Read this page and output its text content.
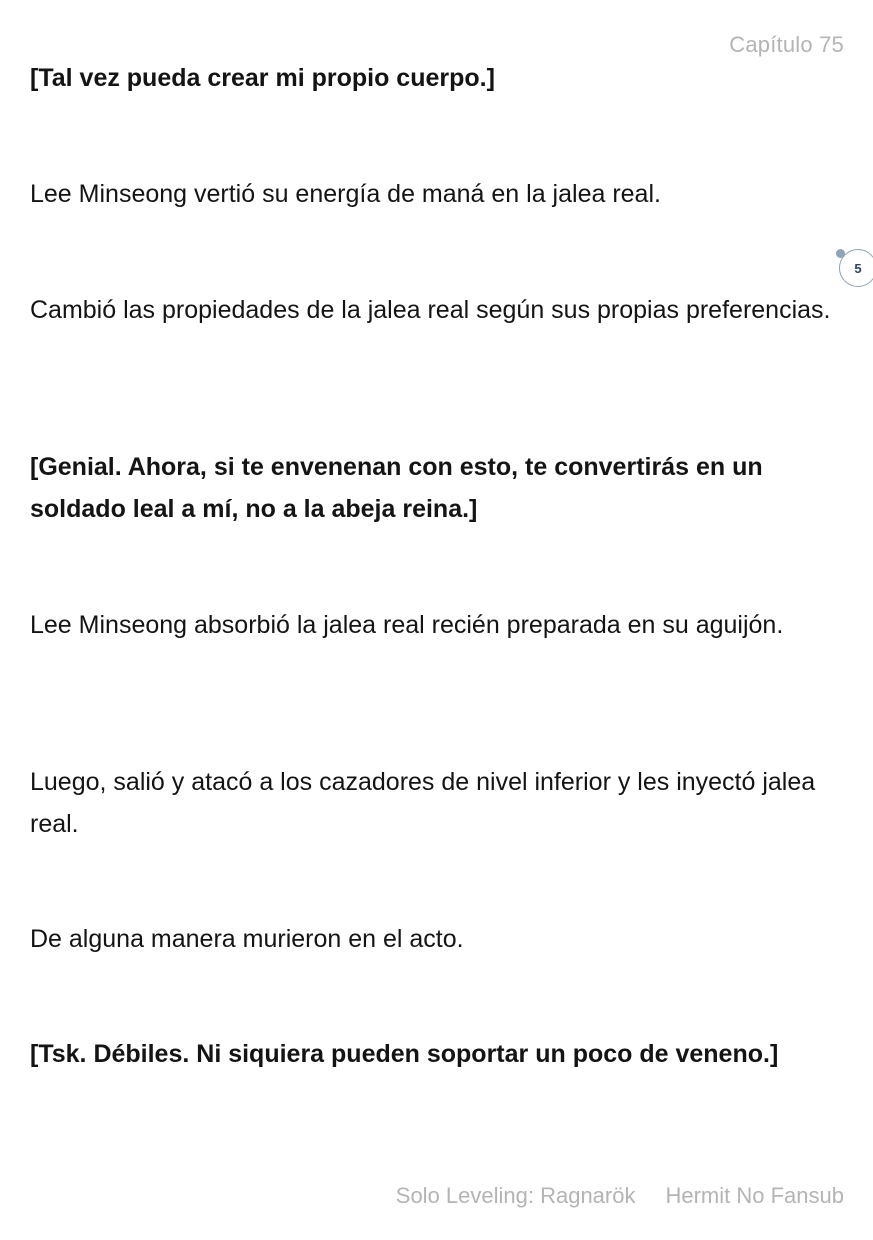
Capítulo 75

[Tal vez pueda crear mi propio cuerpo.]

Lee Minseong vertió su energía de maná en la jalea real.

5

Cambió las propiedades de la jalea real según sus propias preferencias.

[Genial. Ahora, si te envenenan con esto, te convertirás en un soldado leal a mí, no a la abeja reina.]

Lee Minseong absorbió la jalea real recién preparada en su aguijón.

Luego, salió y atacó a los cazadores de nivel inferior y les inyectó jalea real.

De alguna manera murieron en el acto.

[Tsk. Débiles. Ni siquiera pueden soportar un poco de veneno.]

Solo Leveling: Ragnarök Hermit No Fansub
